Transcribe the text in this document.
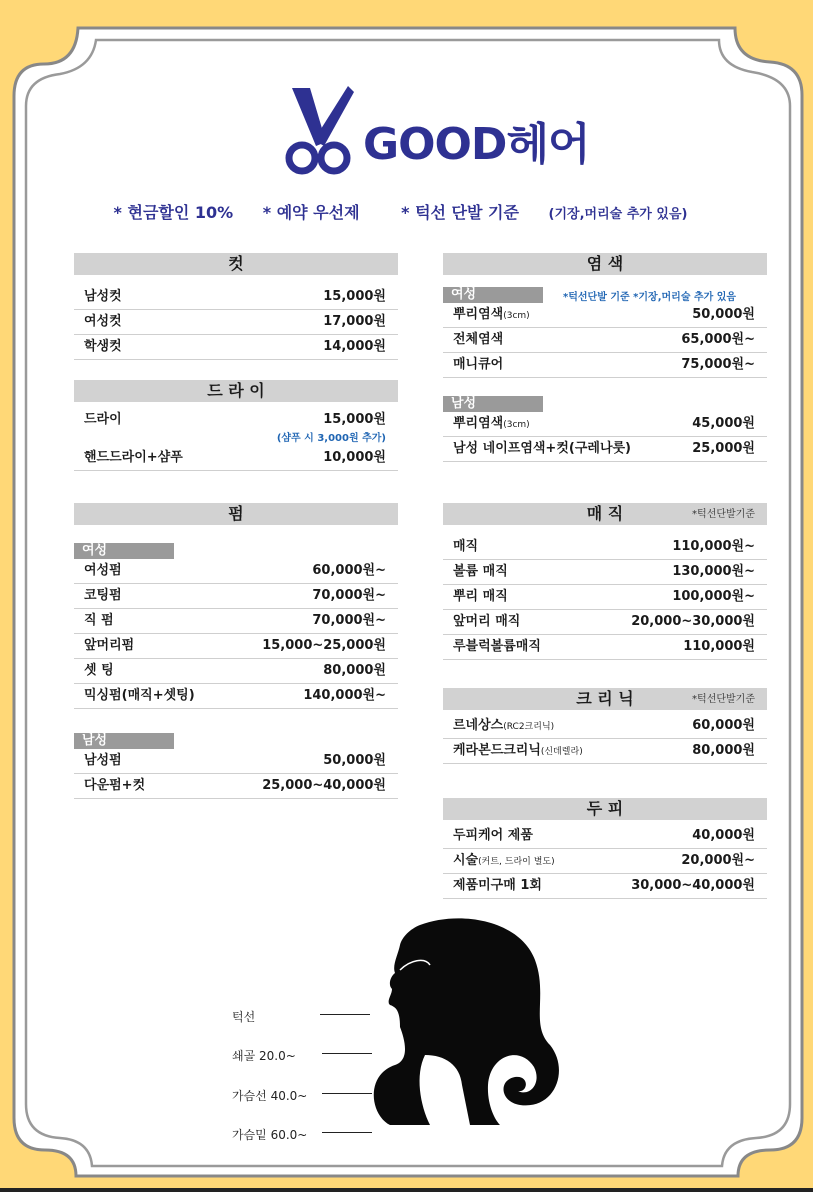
GOOD헤어
* 현금할인 10% * 예약 우선제	* 턱선 단발 기준 (기장,머리술 추가 있음)
컷
남성컷	15,000원
여성컷	17,000원
학생컷	14,000원
드 라 이
드라이	15,000원
(샴푸 시 3,000원 추가)
핸드드라이+샴푸	10,000원
펌
여성
여성펌	60,000원~
코팅펌	70,000원~
직 펌	70,000원~
앞머리펌	15,000~25,000원
셋 팅	80,000원
믹싱펌(매직+셋팅)	140,000원~
남성
남성펌	50,000원
다운펌+컷	25,000~40,000원
염 색
여성	*턱선단발 기준 *기장,머리술 추가 있음
뿌리염색(3cm)	50,000원
전체염색	65,000원~
매니큐어	75,000원~
남성
뿌리염색(3cm)	45,000원
남성 네이프염색+컷(구레나룻)	25,000원
매 직	*턱선단발기준
매직	110,000원~
볼륨 매직	130,000원~
뿌리 매직	100,000원~
앞머리 매직	20,000~30,000원
루블럭볼륨매직	110,000원
크 리 닉	*턱선단발기준
르네상스(RC2크리닉)	60,000원
케라본드크리닉(신데렐라)	80,000원
두 피
두피케어 제품	40,000원
시술(커트, 드라이 별도)	20,000원~
제품미구매 1회	30,000~40,000원
턱선
쇄골 20.0~
가슴선 40.0~
가슴밑 60.0~
